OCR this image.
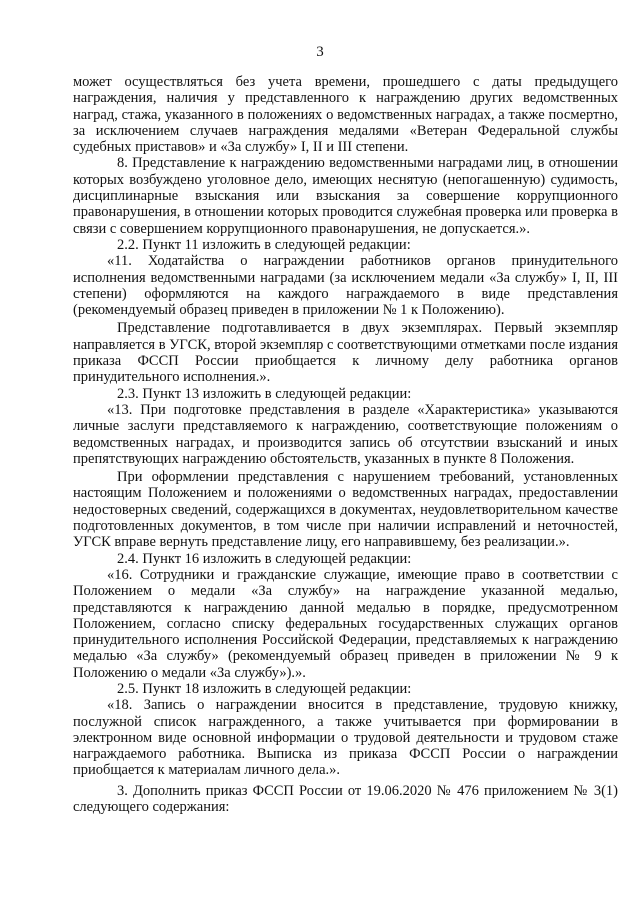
3

может осуществляться без учета времени, прошедшего с даты предыдущего награждения, наличия у представленного к награждению других ведомственных наград, стажа, указанного в положениях о ведомственных наградах, а также посмертно, за исключением случаев награждения медалями «Ветеран Федеральной службы судебных приставов» и «За службу» I, II и III степени.

8. Представление к награждению ведомственными наградами лиц, в отношении которых возбуждено уголовное дело, имеющих неснятую (непогашенную) судимость, дисциплинарные взыскания или взыскания за совершение коррупционного правонарушения, в отношении которых проводится служебная проверка или проверка в связи с совершением коррупционного правонарушения, не допускается.».

2.2. Пункт 11 изложить в следующей редакции:

«11. Ходатайства о награждении работников органов принудительного исполнения ведомственными наградами (за исключением медали «За службу» I, II, III степени) оформляются на каждого награждаемого в виде представления (рекомендуемый образец приведен в приложении № 1 к Положению).

Представление подготавливается в двух экземплярах. Первый экземпляр направляется в УГСК, второй экземпляр с соответствующими отметками после издания приказа ФССП России приобщается к личному делу работника органов принудительного исполнения.».

2.3. Пункт 13 изложить в следующей редакции:

«13. При подготовке представления в разделе «Характеристика» указываются личные заслуги представляемого к награждению, соответствующие положениям о ведомственных наградах, и производится запись об отсутствии взысканий и иных препятствующих награждению обстоятельств, указанных в пункте 8 Положения.

При оформлении представления с нарушением требований, установленных настоящим Положением и положениями о ведомственных наградах, предоставлении недостоверных сведений, содержащихся в документах, неудовлетворительном качестве подготовленных документов, в том числе при наличии исправлений и неточностей, УГСК вправе вернуть представление лицу, его направившему, без реализации.».

2.4. Пункт 16 изложить в следующей редакции:

«16. Сотрудники и гражданские служащие, имеющие право в соответствии с Положением о медали «За службу» на награждение указанной медалью, представляются к награждению данной медалью в порядке, предусмотренном Положением, согласно списку федеральных государственных служащих органов принудительного исполнения Российской Федерации, представляемых к награждению медалью «За службу» (рекомендуемый образец приведен в приложении № 9 к Положению о медали «За службу»).».

2.5. Пункт 18 изложить в следующей редакции:

«18. Запись о награждении вносится в представление, трудовую книжку, послужной список награжденного, а также учитывается при формировании в электронном виде основной информации о трудовой деятельности и трудовом стаже награждаемого работника. Выписка из приказа ФССП России о награждении приобщается к материалам личного дела.».

3. Дополнить приказ ФССП России от 19.06.2020 № 476 приложением № 3(1) следующего содержания:
